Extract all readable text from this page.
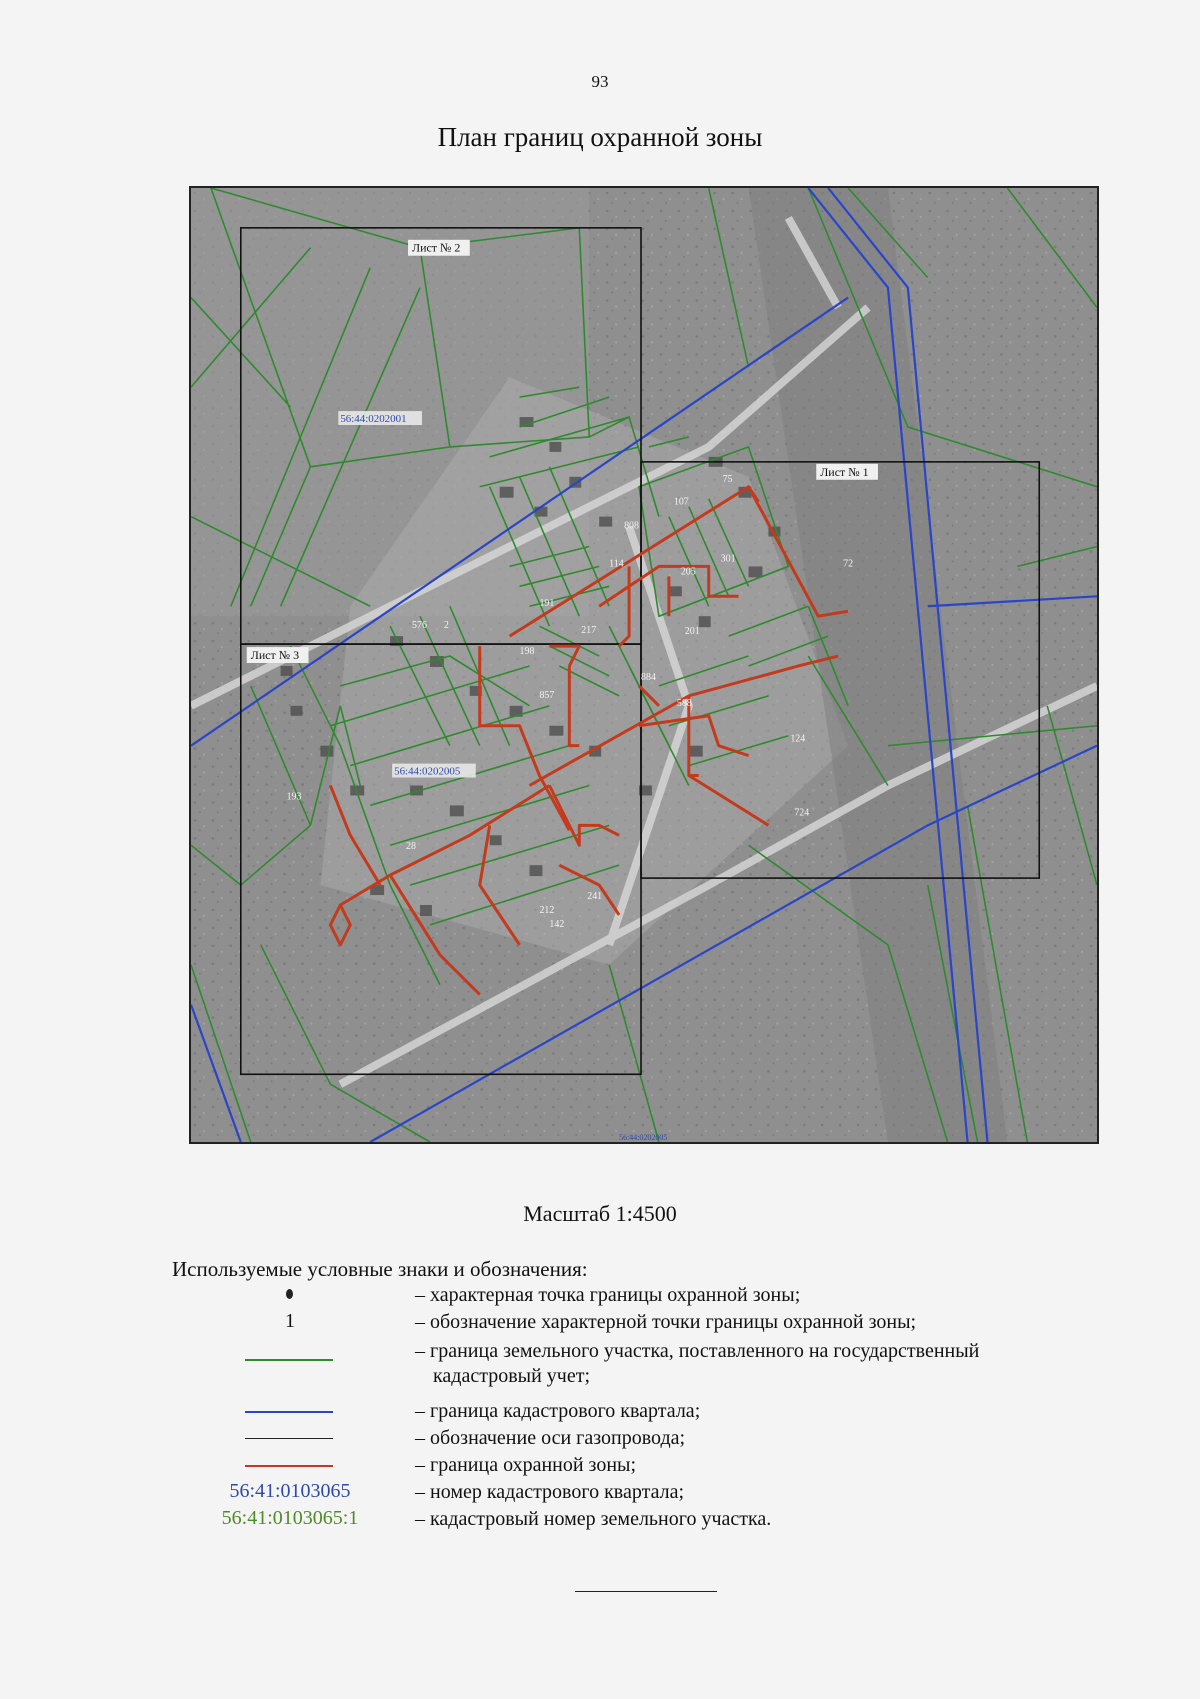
93
План границ охранной зоны
Лист № 2
Лист № 1
Лист № 3
56:44:0202001
56:44:0202005
75
107
808
301
205
114	72
191
217	201
576 2
198
884
857
588
124
724
193
28
241
212
142
56:44:0202005
Масштаб 1:4500
Используемые условные знаки и обозначения:
– характерная точка границы охранной зоны;
1	– обозначение характерной точки границы охранной зоны;
– граница земельного участка, поставленного на государственный
кадастровый учет;
– граница кадастрового квартала;
– обозначение оси газопровода;
– граница охранной зоны;
56:41:0103065	– номер кадастрового квартала;
56:41:0103065:1	– кадастровый номер земельного участка.
